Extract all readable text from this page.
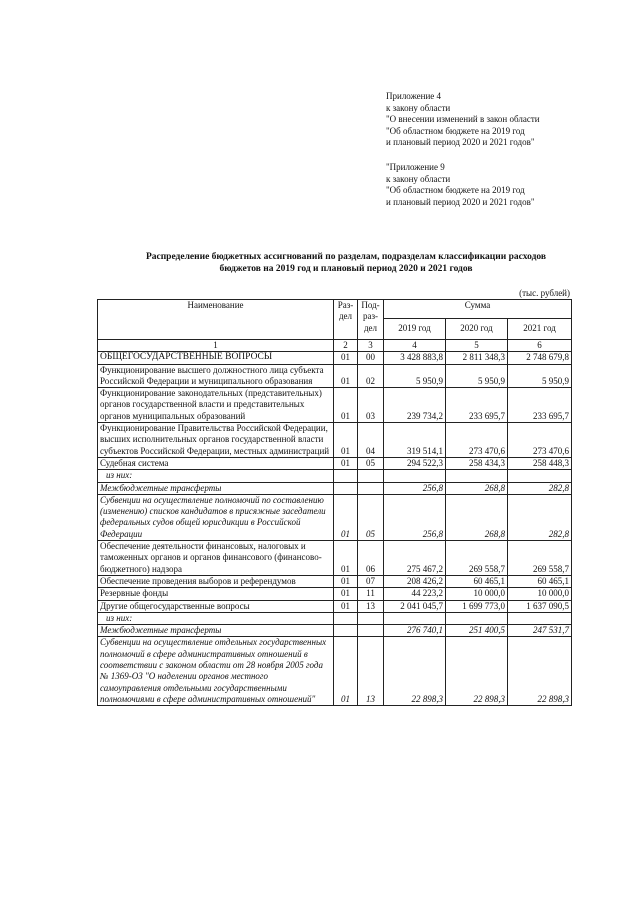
Приложение 4
к закону области
"О внесении изменений в закон области
"Об областном бюджете на 2019 год
и плановый период 2020 и 2021 годов"
"Приложение 9
к закону области
"Об областном бюджете на 2019 год
и плановый период 2020 и 2021 годов"
Распределение бюджетных ассигнований по разделам, подразделам классификации расходов
бюджетов на 2019 год и плановый период 2020 и 2021 годов
(тыс. рублей)
Наименование	Раз-дел	Под-раз-дел	Сумма		
			2019 год	2020 год	2021 год
1	2	3	4	5	6
ОБЩЕГОСУДАРСТВЕННЫЕ ВОПРОСЫ	01	00	3 428 883,8	2 811 348,3	2 748 679,8
Функционирование высшего должностного лица субъекта Российской Федерации и муниципального образования	01	02	5 950,9	5 950,9	5 950,9
Функционирование законодательных (представительных) органов государственной власти и представительных органов муниципальных образований	01	03	239 734,2	233 695,7	233 695,7
Функционирование Правительства Российской Федерации, высших исполнительных органов государственной власти субъектов Российской Федерации, местных администраций	01	04	319 514,1	273 470,6	273 470,6
Судебная система	01	05	294 522,3	258 434,3	258 448,3
из них:					
Межбюджетные трансферты			256,8	268,8	282,8
Субвенции на осуществление полномочий по составлению (изменению) списков кандидатов в присяжные заседатели федеральных судов общей юрисдикции в Российской Федерации	01	05	256,8	268,8	282,8
Обеспечение деятельности финансовых, налоговых и таможенных органов и органов финансового (финансово-бюджетного) надзора	01	06	275 467,2	269 558,7	269 558,7
Обеспечение проведения выборов и референдумов	01	07	208 426,2	60 465,1	60 465,1
Резервные фонды	01	11	44 223,2	10 000,0	10 000,0
Другие общегосударственные вопросы	01	13	2 041 045,7	1 699 773,0	1 637 090,5
из них:					
Межбюджетные трансферты			276 740,1	251 400,5	247 531,7
Субвенции на осуществление отдельных государственных полномочий в сфере административных отношений в соответствии с законом области от 28 ноября 2005 года № 1369-ОЗ "О наделении органов местного самоуправления отдельными государственными полномочиями в сфере административных отношений"	01	13	22 898,3	22 898,3	22 898,3
